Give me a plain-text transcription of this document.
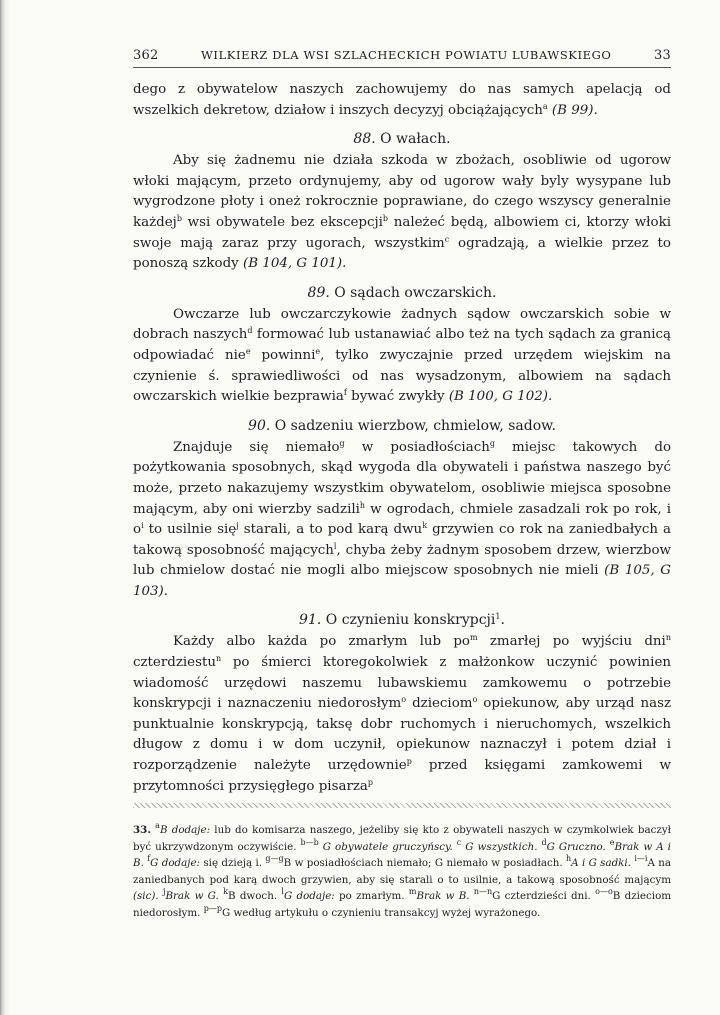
362	WILKIERZ DLA WSI SZLACHECKICH POWIATU LUBAWSKIEGO	33

dego z obywatelow naszych zachowujemy do nas samych apelacją od wszelkich dekretow, działow i inszych decyzyj obciążających$^a$ (B 99).

88. O wałach.

Aby się żadnemu nie działa szkoda w zbożach, osobliwie od ugorow włoki mającym, przeto ordynujemy, aby od ugorow wały byly wysypane lub wygrodzone płoty i oneż rokrocznie poprawiane, do czego wszyscy generalnie każdej$^b$ wsi obywatele bez ekscepcji$^b$ należeć będą, albowiem ci, ktorzy włoki swoje mają zaraz przy ugorach, wszystkim$^c$ ogradzają, a wielkie przez to ponoszą szkody (B 104, G 101).

89. O sądach owczarskich.

Owczarze lub owczarczykowie żadnych sądow owczarskich sobie w dobrach naszych$^d$ formować lub ustanawiać albo też na tych sądach za granicą odpowiadać nie$^e$ powinni$^e$, tylko zwyczajnie przed urzędem wiejskim na czynienie ś. sprawiedliwości od nas wysadzonym, albowiem na sądach owczarskich wielkie bezprawia$^f$ bywać zwykły (B 100, G 102).

90. O sadzeniu wierzbow, chmielow, sadow.

Znajduje się niemało$^g$ w posiadłościach$^g$ miejsc takowych do pożytkowania sposobnych, skąd wygoda dla obywateli i państwa naszego być może, przeto nakazujemy wszystkim obywatelom, osobliwie miejsca sposobne mającym, aby oni wierzby sadzili$^h$ w ogrodach, chmiele zasadzali rok po rok, i $o^i$ to usilnie się$^j$ starali, a to pod karą dwu$^k$ grzywien co rok na zaniedbałych a takową sposobność mających$^l$, chyba żeby żadnym sposobem drzew, wierzbow lub chmielow dostać nie mogli albo miejscow sposobnych nie mieli (B 105, G 103).

91. O czynieniu konskrypcji$^1$.

Każdy albo każda po zmarłym lub $po^m$ zmarłej po wyjściu dni$^n$ czterdziestu$^n$ po śmierci ktoregokolwiek z małżonkow uczynić powinien wiadomość urzędowi naszemu lubawskiemu zamkowemu o potrzebie konskrypcji i naznaczeniu niedorosłym$^o$ dzieciom$^o$ opiekunow, aby urząd nasz punktualnie konskrypcją, taksę dobr ruchomych i nieruchomych, wszelkich długow z domu i w dom uczynił, opiekunow naznaczył i potem dział i rozporządzenie należyte urzędownie$^p$ przed księgami zamkowemi w przytomności przysięgłego pisarza$^p$

33. $^a$B dodaje: lub do komisarza naszego, jeżeliby się kto z obywateli naszych w czymkolwiek baczył być ukrzywdzonym oczywiście. $^{b—b}$ G obywatele gruczyńscy. $^c$ G wszystkich. $^d$G Gruczno. $^e$Brak w A i B. $^f$G dodaje: się dzieją i. $^{g—g}$B w posiadłościach niemało; G niemało w posiadłach. $^h$A i G sadki. $^{i—i}$A na zaniedbanych pod karą dwoch grzywien, aby się starali o to usilnie, a takową sposobność mającym (sic). $^j$Brak w G. $^k$B dwoch. $^l$G dodaje: po zmarłym. $^m$Brak w B. $^{n—n}$G czterdzieści dni. $^{o—o}$B dzieciom niedorosłym. $^{p—p}$G według artykułu o czynieniu transakcyj wyżej wyrażonego.
